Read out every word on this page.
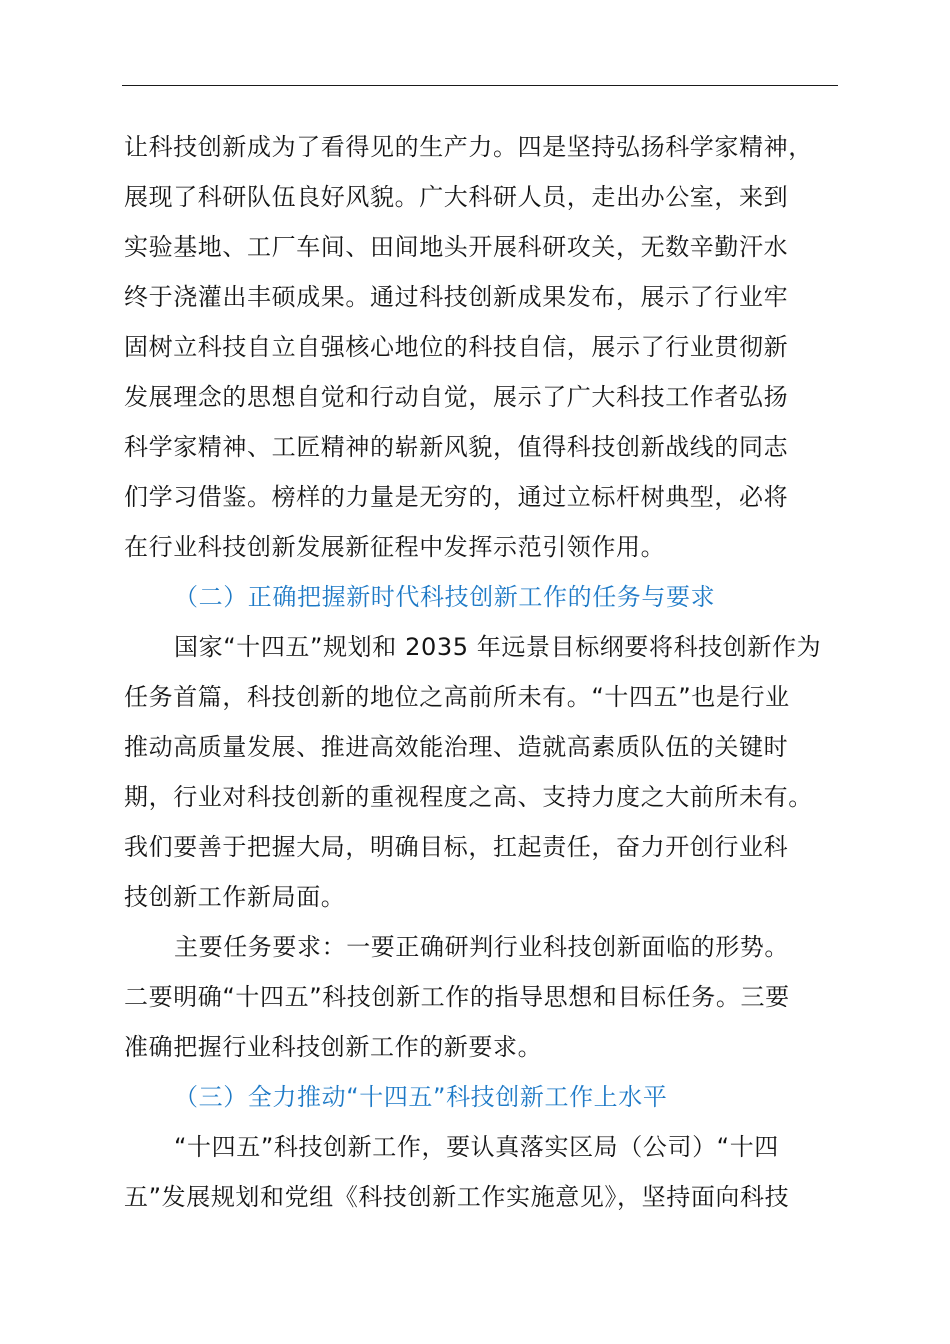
让科技创新成为了看得见的生产力。四是坚持弘扬科学家精神，
展现了科研队伍良好风貌。广大科研人员，走出办公室，来到
实验基地、工厂车间、田间地头开展科研攻关，无数辛勤汗水
终于浇灌出丰硕成果。通过科技创新成果发布，展示了行业牢
固树立科技自立自强核心地位的科技自信，展示了行业贯彻新
发展理念的思想自觉和行动自觉，展示了广大科技工作者弘扬
科学家精神、工匠精神的崭新风貌，值得科技创新战线的同志
们学习借鉴。榜样的力量是无穷的，通过立标杆树典型，必将
在行业科技创新发展新征程中发挥示范引领作用。
（二）正确把握新时代科技创新工作的任务与要求
国家“十四五”规划和 2035 年远景目标纲要将科技创新作为
任务首篇，科技创新的地位之高前所未有。“十四五”也是行业
推动高质量发展、推进高效能治理、造就高素质队伍的关键时
期，行业对科技创新的重视程度之高、支持力度之大前所未有。
我们要善于把握大局，明确目标，扛起责任，奋力开创行业科
技创新工作新局面。
主要任务要求：一要正确研判行业科技创新面临的形势。
二要明确“十四五”科技创新工作的指导思想和目标任务。三要
准确把握行业科技创新工作的新要求。
（三）全力推动“十四五”科技创新工作上水平
“十四五”科技创新工作，要认真落实区局（公司）“十四
五”发展规划和党组《科技创新工作实施意见》，坚持面向科技
